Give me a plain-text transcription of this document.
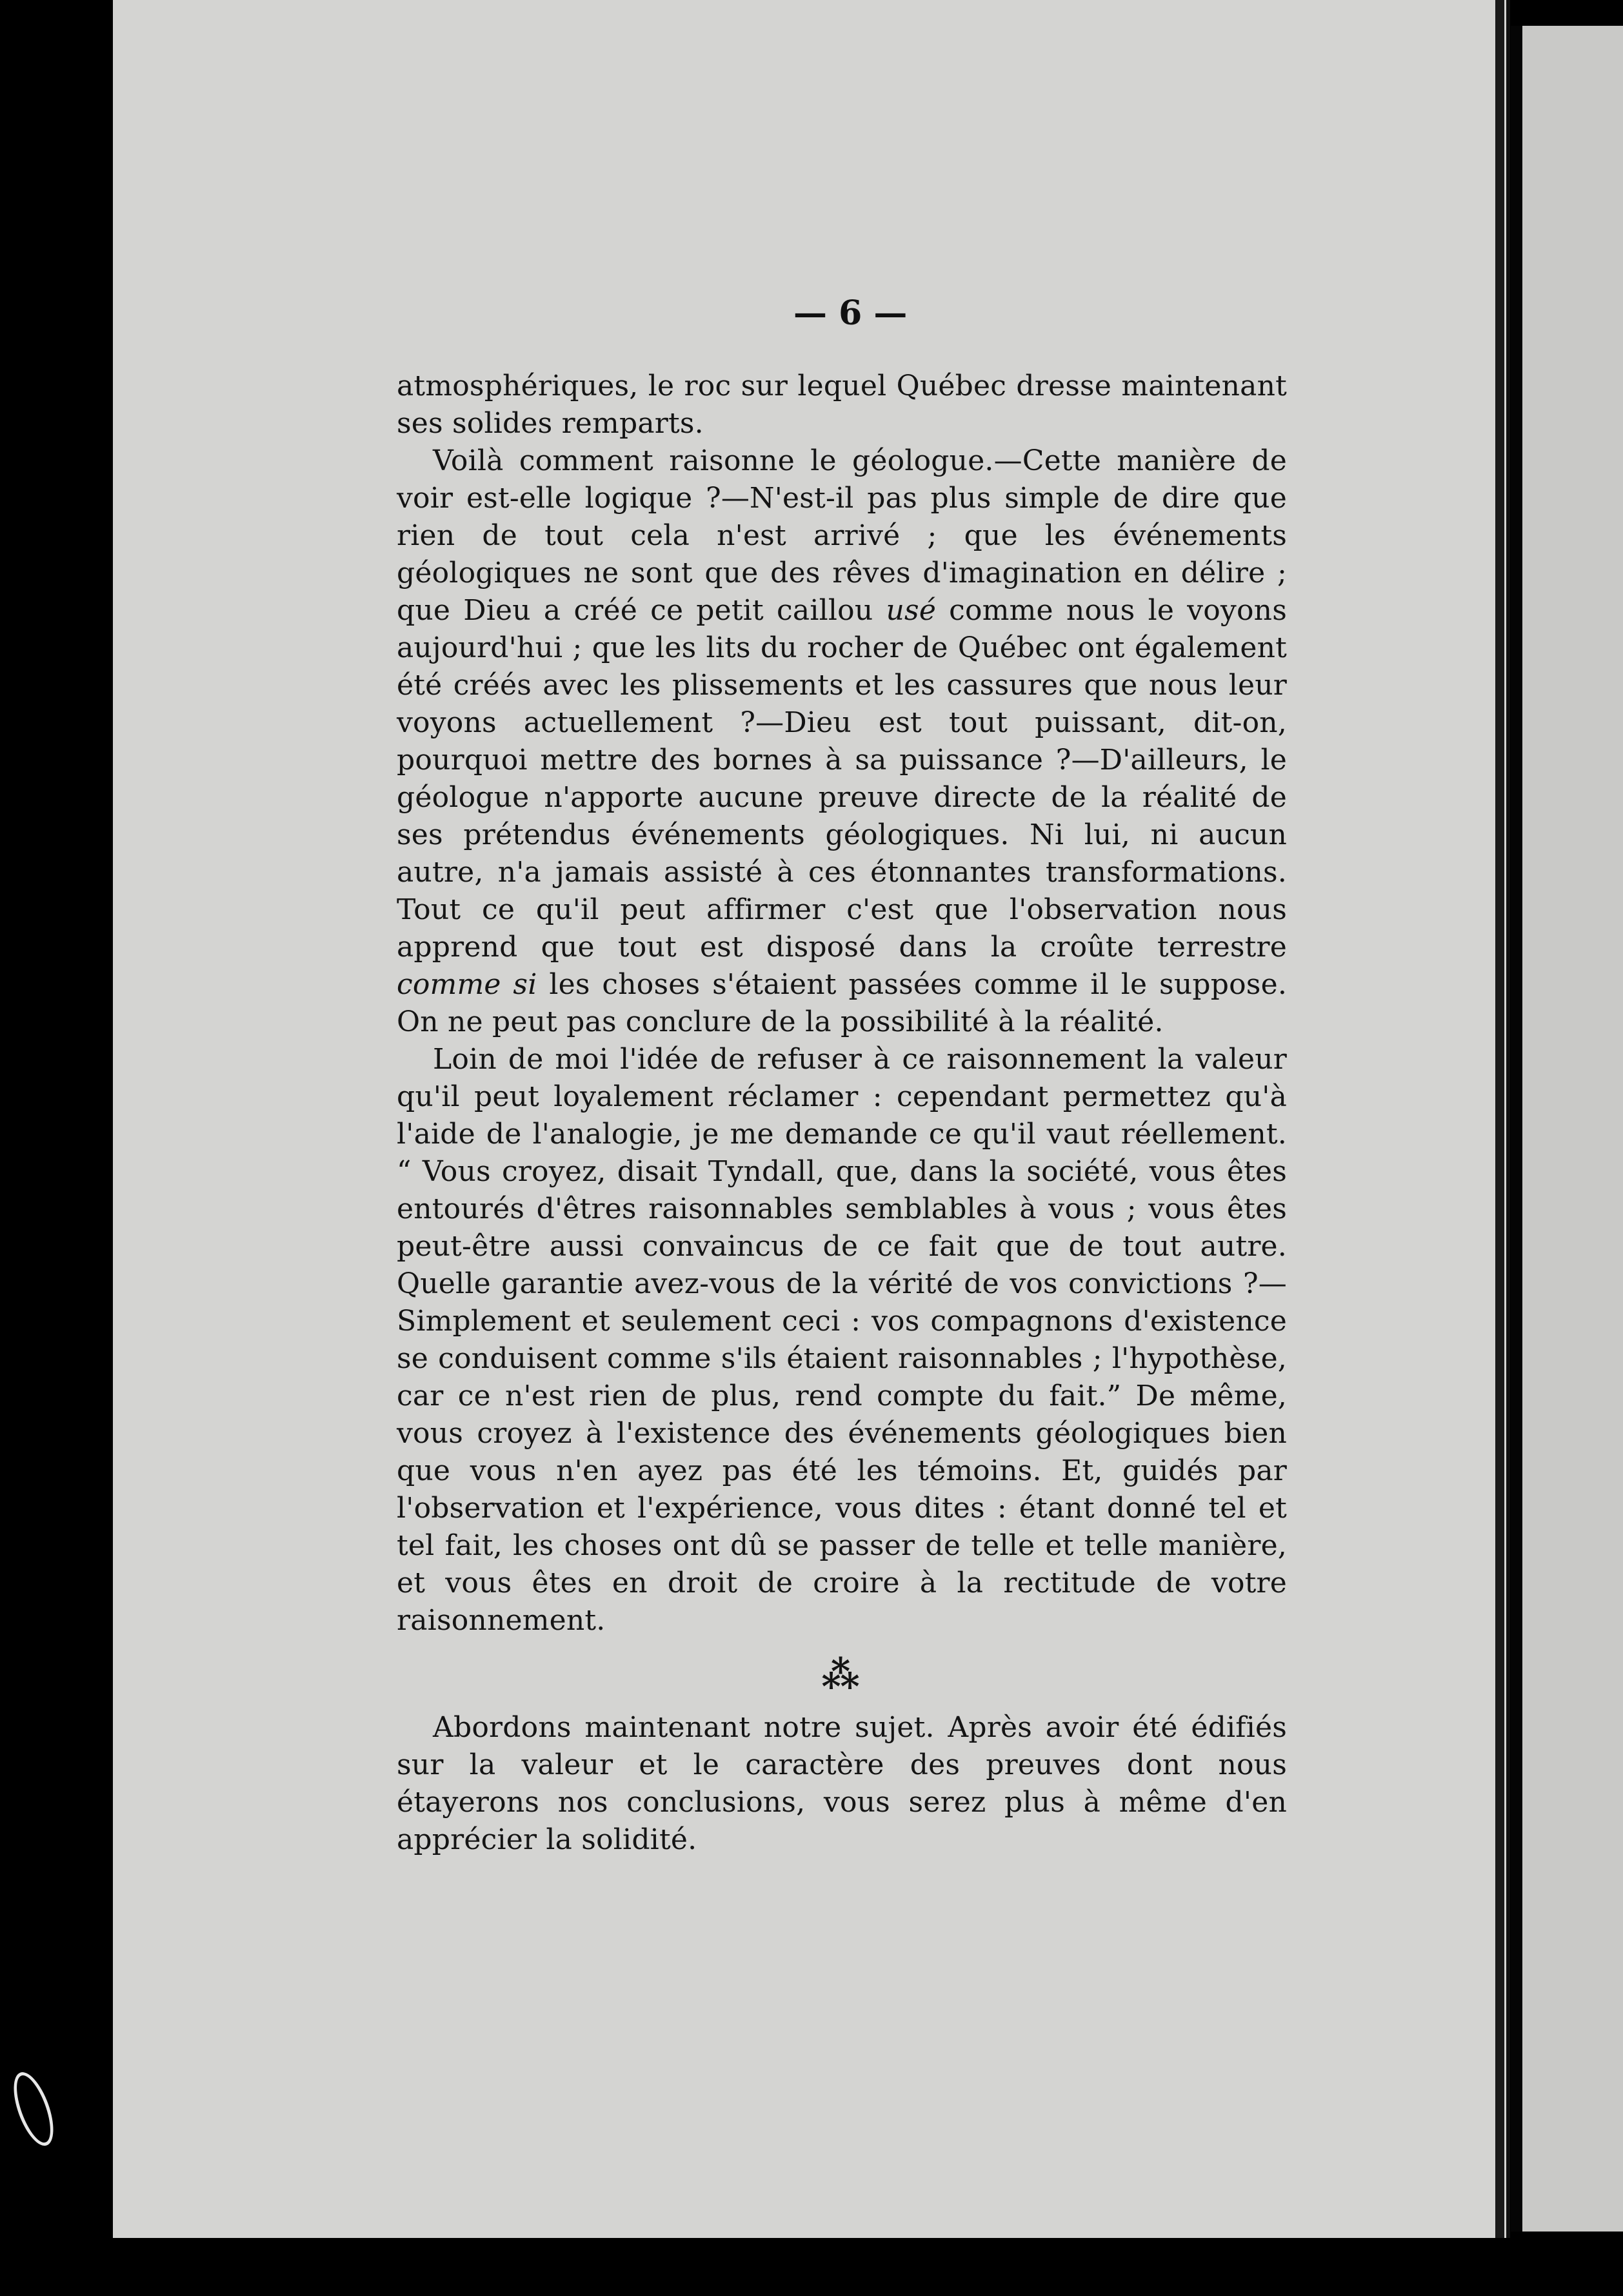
— 6 —

atmosphériques, le roc sur lequel Québec dresse maintenant ses solides remparts.

Voilà comment raisonne le géologue.—Cette manière de voir est-elle logique ?—N'est-il pas plus simple de dire que rien de tout cela n'est arrivé ; que les événements géologiques ne sont que des rêves d'imagination en délire ; que Dieu a créé ce petit caillou usé comme nous le voyons aujourd'hui ; que les lits du rocher de Québec ont également été créés avec les plissements et les cassures que nous leur voyons actuellement ?—Dieu est tout puissant, dit-on, pourquoi mettre des bornes à sa puissance ?—D'ailleurs, le géologue n'apporte aucune preuve directe de la réalité de ses prétendus événements géologiques. Ni lui, ni aucun autre, n'a jamais assisté à ces étonnantes transformations. Tout ce qu'il peut affirmer c'est que l'observation nous apprend que tout est disposé dans la croûte terrestre comme si les choses s'étaient passées comme il le suppose. On ne peut pas conclure de la possibilité à la réalité.

Loin de moi l'idée de refuser à ce raisonnement la valeur qu'il peut loyalement réclamer : cependant permettez qu'à l'aide de l'analogie, je me demande ce qu'il vaut réellement. “ Vous croyez, disait Tyndall, que, dans la société, vous êtes entourés d'êtres raisonnables semblables à vous ; vous êtes peut-être aussi convaincus de ce fait que de tout autre. Quelle garantie avez-vous de la vérité de vos convictions ?—Simplement et seulement ceci : vos compagnons d'existence se conduisent comme s'ils étaient raisonnables ; l'hypothèse, car ce n'est rien de plus, rend compte du fait.” De même, vous croyez à l'existence des événements géologiques bien que vous n'en ayez pas été les témoins. Et, guidés par l'observation et l'expérience, vous dites : étant donné tel et tel fait, les choses ont dû se passer de telle et telle manière, et vous êtes en droit de croire à la rectitude de votre raisonnement.

⁂

Abordons maintenant notre sujet. Après avoir été édifiés sur la valeur et le caractère des preuves dont nous étayerons nos conclusions, vous serez plus à même d'en apprécier la solidité.
